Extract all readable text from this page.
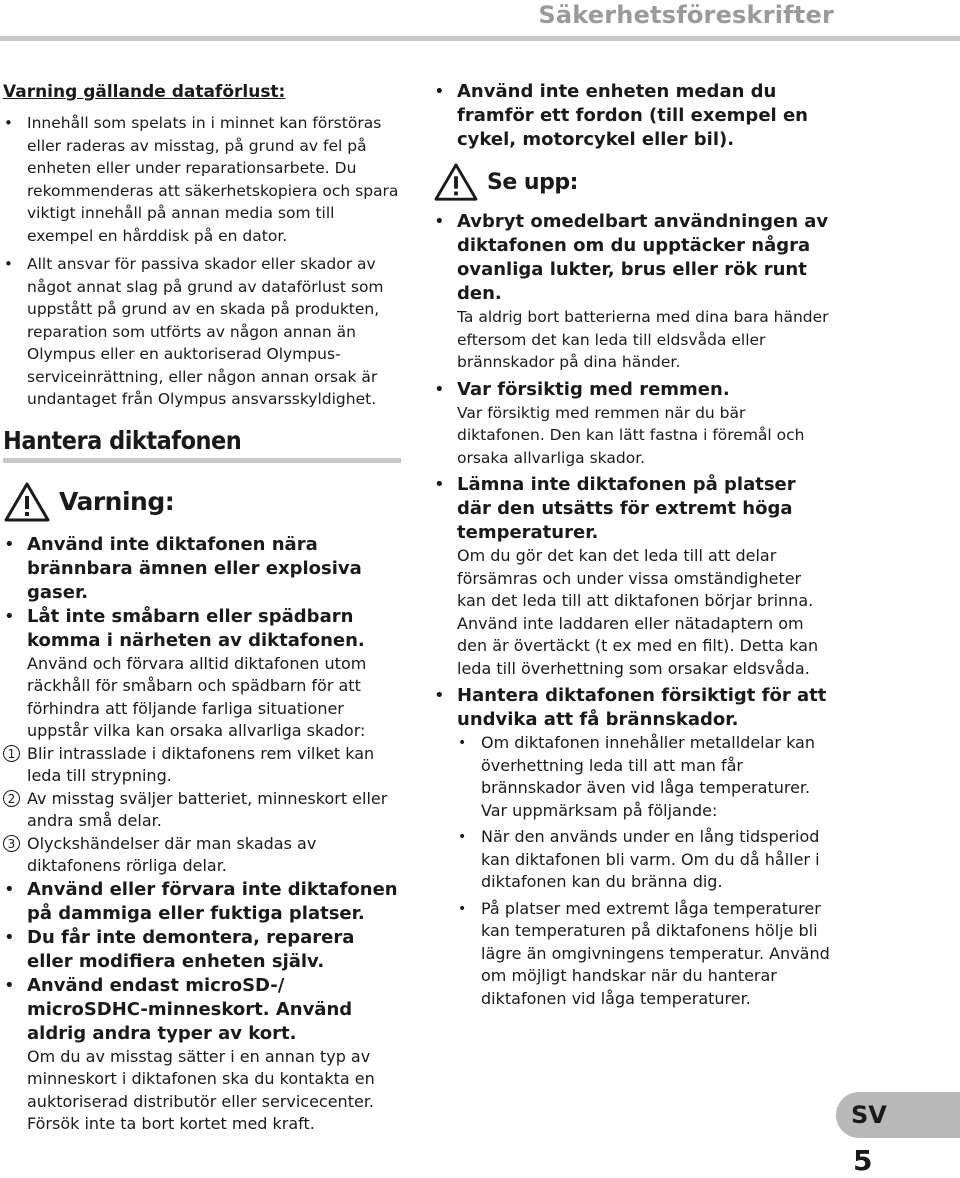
Säkerhetsföreskrifter
Varning gällande dataförlust:
• Innehåll som spelats in i minnet kan förstöras eller raderas av misstag, på grund av fel på enheten eller under reparationsarbete. Du rekommenderas att säkerhetskopiera och spara viktigt innehåll på annan media som till exempel en hårddisk på en dator.
• Allt ansvar för passiva skador eller skador av något annat slag på grund av dataförlust som uppstått på grund av en skada på produkten, reparation som utförts av någon annan än Olympus eller en auktoriserad Olympus-serviceinrättning, eller någon annan orsak är undantaget från Olympus ansvarsskyldighet.
Hantera diktafonen
Varning:
• Använd inte diktafonen nära brännbara ämnen eller explosiva gaser.
• Låt inte småbarn eller spädbarn komma i närheten av diktafonen.
Använd och förvara alltid diktafonen utom räckhåll för småbarn och spädbarn för att förhindra att följande farliga situationer uppstår vilka kan orsaka allvarliga skador:
1 Blir intrasslade i diktafonens rem vilket kan leda till strypning.
2 Av misstag sväljer batteriet, minneskort eller andra små delar.
3 Olyckshändelser där man skadas av diktafonens rörliga delar.
• Använd eller förvara inte diktafonen på dammiga eller fuktiga platser.
• Du får inte demontera, reparera eller modifiera enheten själv.
• Använd endast microSD-/ microSDHC-minneskort. Använd aldrig andra typer av kort.
Om du av misstag sätter i en annan typ av minneskort i diktafonen ska du kontakta en auktoriserad distributör eller servicecenter. Försök inte ta bort kortet med kraft.
• Använd inte enheten medan du framför ett fordon (till exempel en cykel, motorcykel eller bil).
Se upp:
• Avbryt omedelbart användningen av diktafonen om du upptäcker några ovanliga lukter, brus eller rök runt den.
Ta aldrig bort batterierna med dina bara händer eftersom det kan leda till eldsvåda eller brännskador på dina händer.
• Var försiktig med remmen.
Var försiktig med remmen när du bär diktafonen. Den kan lätt fastna i föremål och orsaka allvarliga skador.
• Lämna inte diktafonen på platser där den utsätts för extremt höga temperaturer.
Om du gör det kan det leda till att delar försämras och under vissa omständigheter kan det leda till att diktafonen börjar brinna. Använd inte laddaren eller nätadaptern om den är övertäckt (t ex med en filt). Detta kan leda till överhettning som orsakar eldsvåda.
• Hantera diktafonen försiktigt för att undvika att få brännskador.
• Om diktafonen innehåller metalldelar kan överhettning leda till att man får brännskador även vid låga temperaturer. Var uppmärksam på följande:
• När den används under en lång tidsperiod kan diktafonen bli varm. Om du då håller i diktafonen kan du bränna dig.
• På platser med extremt låga temperaturer kan temperaturen på diktafonens hölje bli lägre än omgivningens temperatur. Använd om möjligt handskar när du hanterar diktafonen vid låga temperaturer.
SV
5
